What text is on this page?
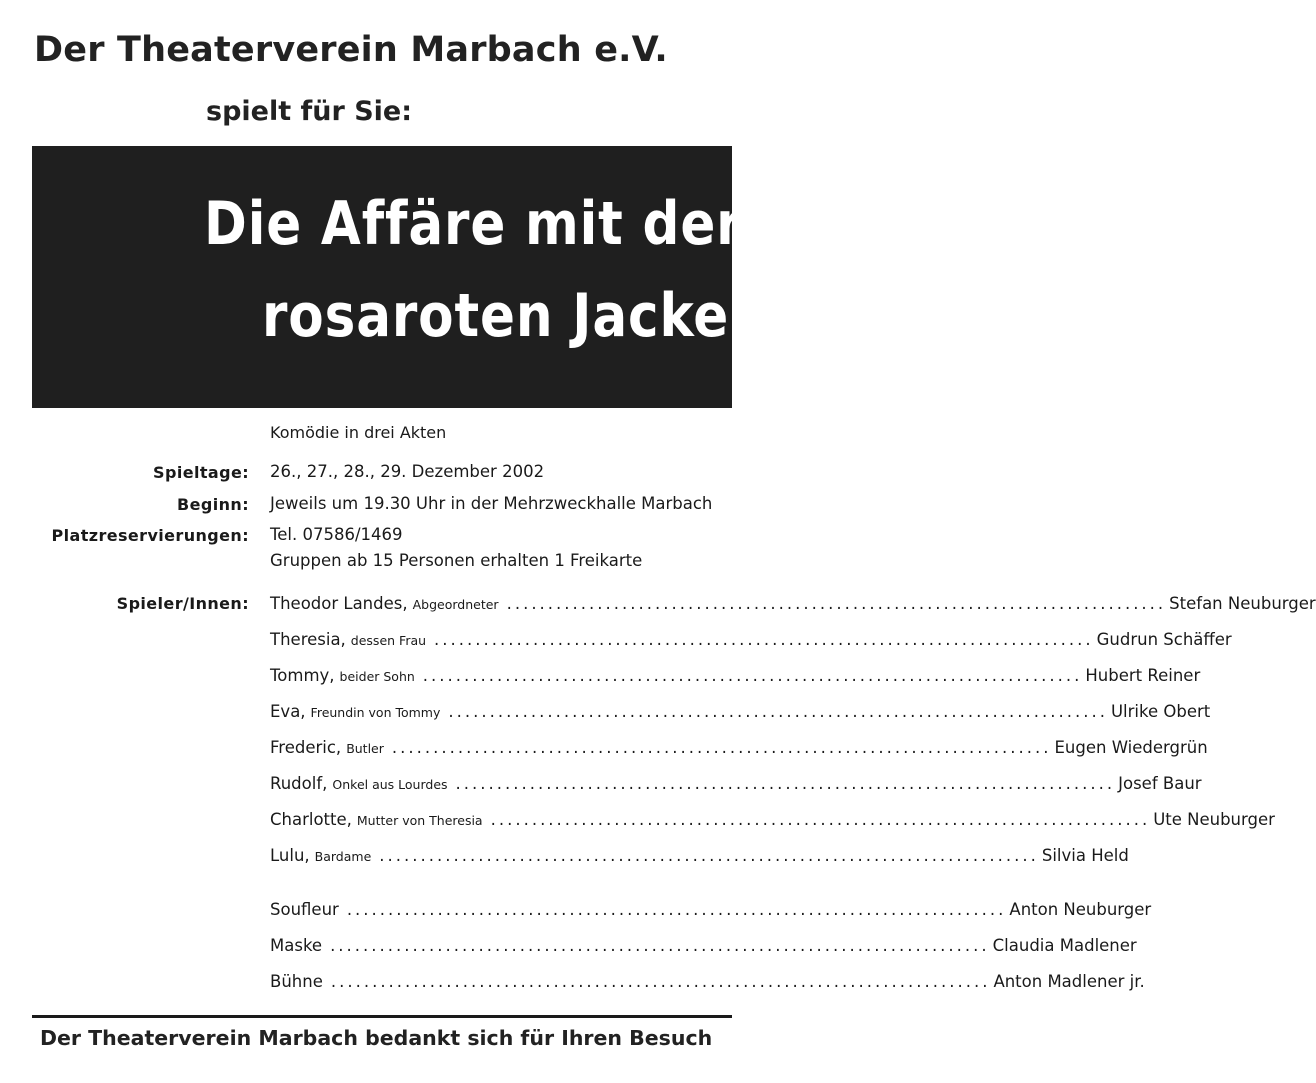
Der Theaterverein Marbach e.V.
spielt für Sie:
Die Affäre mit der
rosaroten Jacke
Komödie in drei Akten
Spieltage: 26., 27., 28., 29. Dezember 2002
Beginn: Jeweils um 19.30 Uhr in der Mehrzweckhalle Marbach
Platzreservierungen: Tel. 07586/1469
Gruppen ab 15 Personen erhalten 1 Freikarte
Spieler/Innen: Theodor Landes, Abgeordneter ................................................................................ Stefan Neuburger
Theresia, dessen Frau ................................................................................ Gudrun Schäffer
Tommy, beider Sohn ................................................................................ Hubert Reiner
Eva, Freundin von Tommy ................................................................................ Ulrike Obert
Frederic, Butler ................................................................................ Eugen Wiedergrün
Rudolf, Onkel aus Lourdes ................................................................................ Josef Baur
Charlotte, Mutter von Theresia ................................................................................ Ute Neuburger
Lulu, Bardame ................................................................................ Silvia Held
Soufleur ................................................................................ Anton Neuburger
Maske ................................................................................ Claudia Madlener
Bühne ................................................................................ Anton Madlener jr.
Der Theaterverein Marbach bedankt sich für Ihren Besuch
